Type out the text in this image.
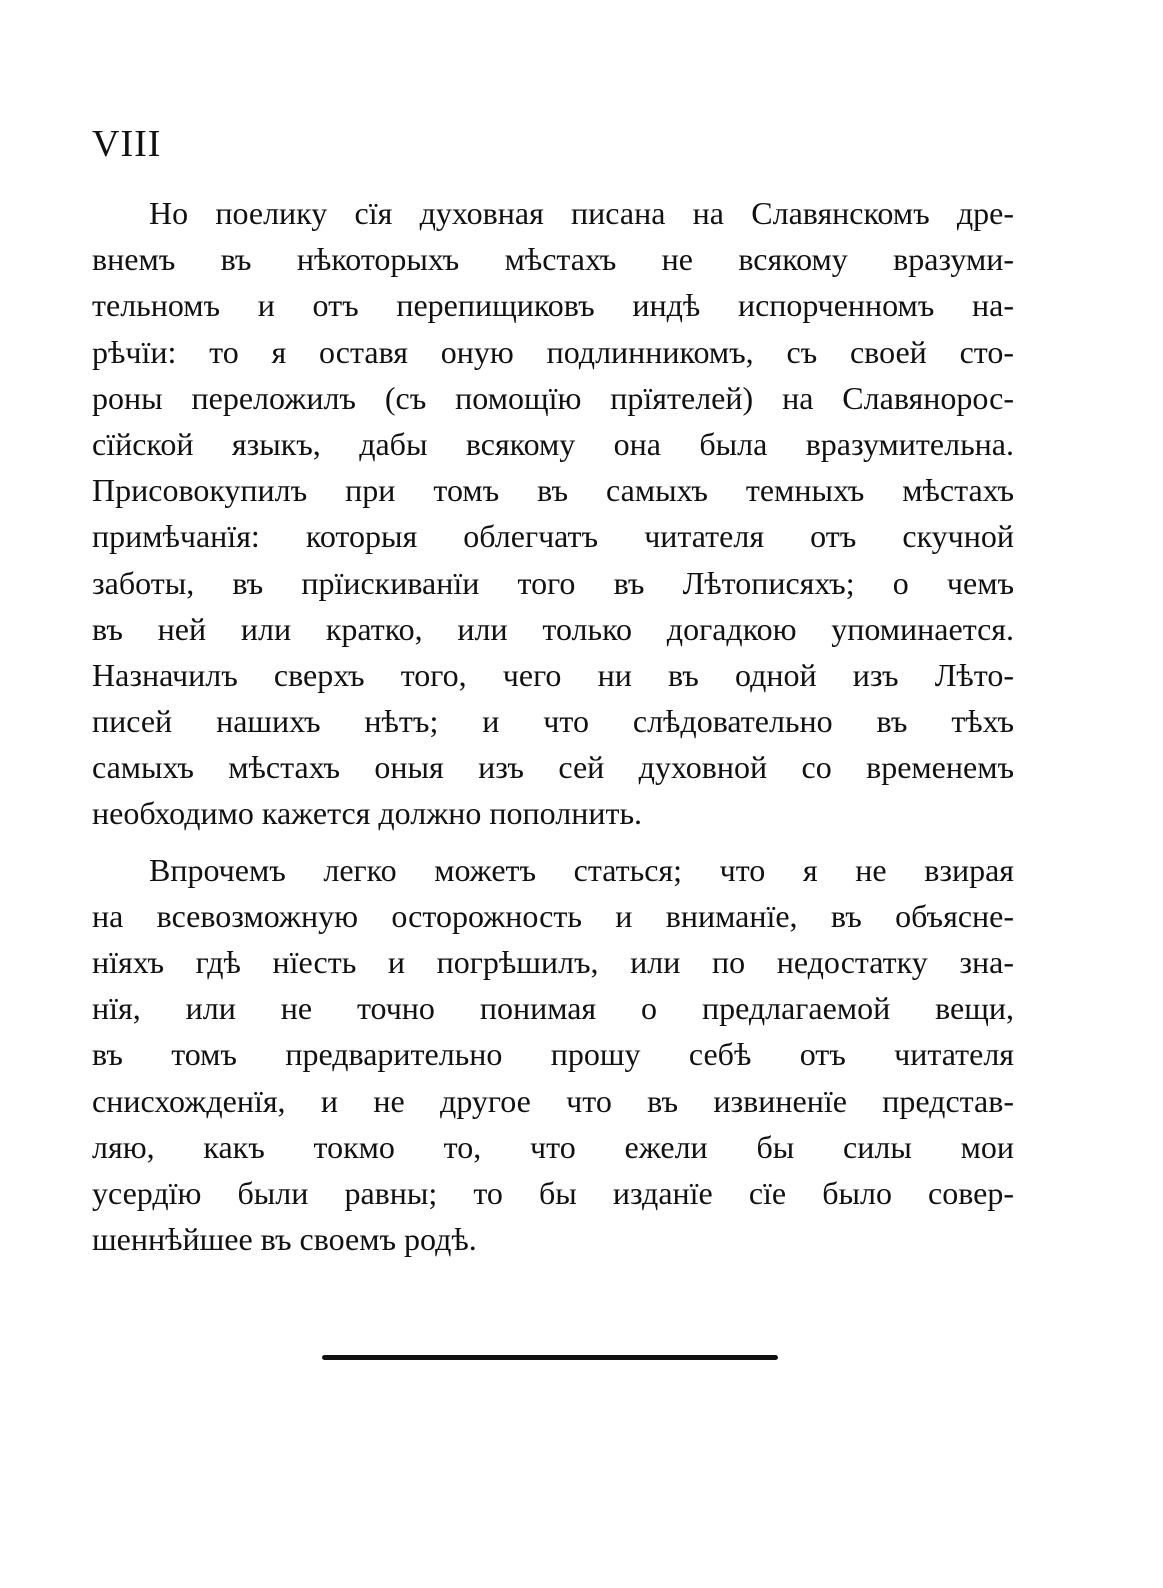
VIII
Но поелику сїя духовная писана на Славянскомъ дре-
внемъ въ нѣкоторыхъ мѣстахъ не всякому вразуми-
тельномъ и отъ перепищиковъ индѣ испорченномъ на-
рѣчїи: то я оставя оную подлинникомъ, съ своей сто-
роны переложилъ (съ помощїю прїятелей) на Славянорос-
сїйской языкъ, дабы всякому она была вразумительна.
Присовокупилъ при томъ въ самыхъ темныхъ мѣстахъ
примѣчанїя: которыя облегчатъ читателя отъ скучной
заботы, въ прїискиванїи того въ Лѣтописяхъ; о чемъ
въ ней или кратко, или только догадкою упоминается.
Назначилъ сверхъ того, чего ни въ одной изъ Лѣто-
писей нашихъ нѣтъ; и что слѣдовательно въ тѣхъ
самыхъ мѣстахъ оныя изъ сей духовной со временемъ
необходимо кажется должно пополнить.
Впрочемъ легко можетъ статься; что я не взирая
на всевозможную осторожность и вниманїе, въ объясне-
нїяхъ гдѣ нїесть и погрѣшилъ, или по недостатку зна-
нїя, или не точно понимая о предлагаемой вещи,
въ томъ предварительно прошу себѣ отъ читателя
снисхожденїя, и не другое что въ извиненїе представ-
ляю, какъ токмо то, что ежели бы силы мои
усердїю были равны; то бы изданїе сїе было совер-
шеннѣйшее въ своемъ родѣ.
